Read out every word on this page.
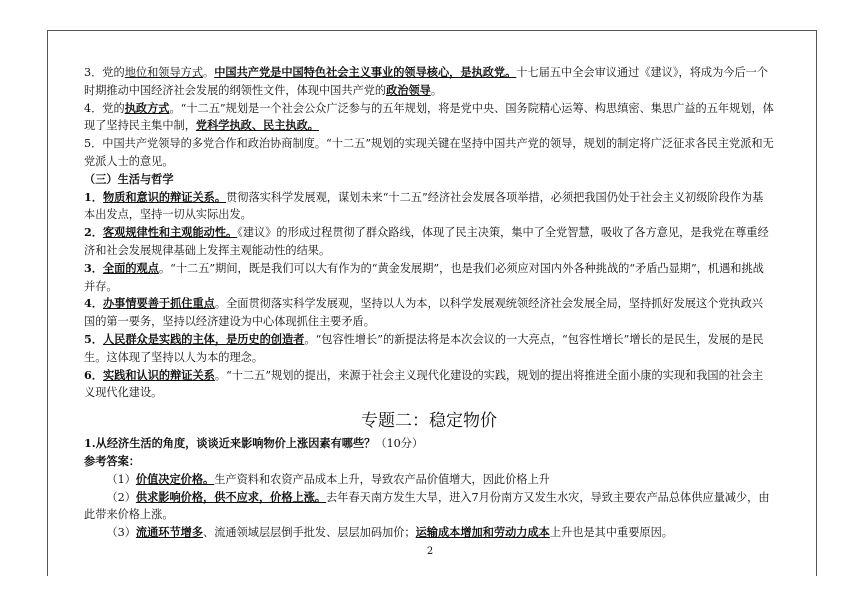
3．党的地位和领导方式。中国共产党是中国特色社会主义事业的领导核心，是执政党。十七届五中全会审议通过《建议》，将成为今后一个时期推动中国经济社会发展的纲领性文件，体现中国共产党的政治领导。

4．党的执政方式。“十二五”规划是一个社会公众广泛参与的五年规划，将是党中央、国务院精心运筹、构思缜密、集思广益的五年规划，体现了坚持民主集中制，党科学执政、民主执政。

5．中国共产党领导的多党合作和政治协商制度。“十二五”规划的实现关键在坚持中国共产党的领导，规划的制定将广泛征求各民主党派和无党派人士的意见。

（三）生活与哲学

1．物质和意识的辩证关系。贯彻落实科学发展观，谋划未来“十二五”经济社会发展各项举措，必须把我国仍处于社会主义初级阶段作为基本出发点，坚持一切从实际出发。

2．客观规律性和主观能动性。《建议》的形成过程贯彻了群众路线，体现了民主决策，集中了全党智慧，吸收了各方意见，是我党在尊重经济和社会发展规律基础上发挥主观能动性的结果。

3．全面的观点。“十二五”期间，既是我们可以大有作为的“黄金发展期”，也是我们必须应对国内外各种挑战的“矛盾凸显期”，机遇和挑战并存。

4．办事情要善于抓住重点。全面贯彻落实科学发展观，坚持以人为本，以科学发展观统领经济社会发展全局，坚持抓好发展这个党执政兴国的第一要务，坚持以经济建设为中心体现抓住主要矛盾。

5．人民群众是实践的主体，是历史的创造者。“包容性增长”的新提法将是本次会议的一大亮点，“包容性增长”增长的是民生，发展的是民生。这体现了坚持以人为本的理念。

6．实践和认识的辩证关系。“十二五”规划的提出，来源于社会主义现代化建设的实践，规划的提出将推进全面小康的实现和我国的社会主义现代化建设。

专题二：稳定物价

1.从经济生活的角度，谈谈近来影响物价上涨因素有哪些？（10分）

参考答案：

（1）价值决定价格。生产资料和农资产品成本上升，导致农产品价值增大，因此价格上升

（2）供求影响价格，供不应求，价格上涨。去年春天南方发生大旱，进入7月份南方又发生水灾，导致主要农产品总体供应量减少，由此带来价格上涨。

（3）流通环节增多、流通领域层层倒手批发、层层加码加价；运输成本增加和劳动力成本上升也是其中重要原因。

2
